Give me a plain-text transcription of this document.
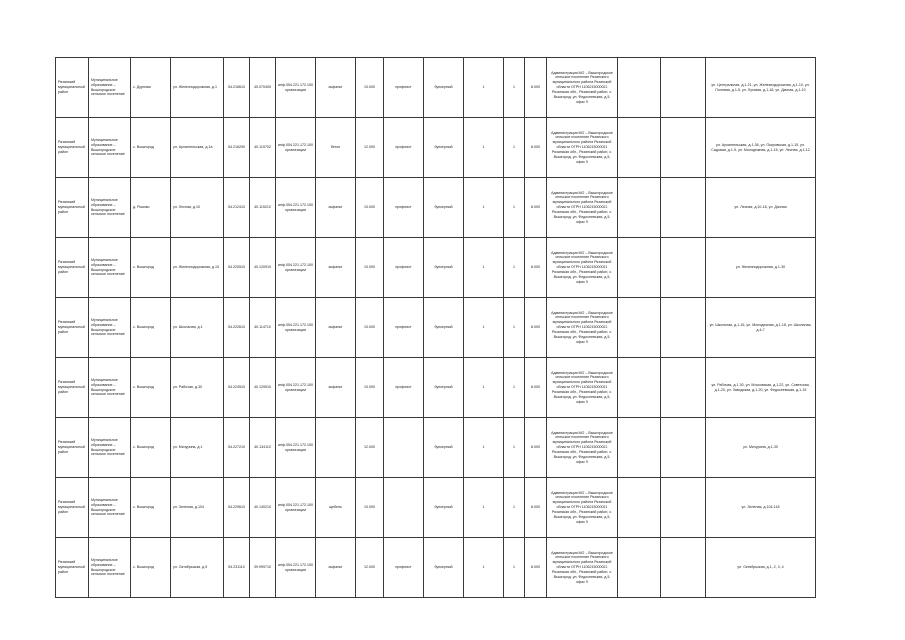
Рязанский муниципальный район	Муниципальное образование – Вышгородское сельское поселение	с. Дурново	ул. Железнодорожная, д.1	54.216610	40.070405	инф.054.221.172.100 организации	асфальт	10.000	профлист	бункерный	1	1	8.000	Администрация МО – Вышгородское сельское поселение Рязанского муниципального района Рязанской области ОГРН 1106215000021 Рязанская обл., Рязанский район, с. Вышгород, ул. Федосеевская, д.5, офис 9			ул. Центральная, д.1-21, ул. Железнодорожная, д.1-10, ул. Полевая, д.1-5, ул. Луговая, д.1-18, ул. Дачная, д.1-10
Рязанский муниципальный район	Муниципальное образование – Вышгородское сельское поселение	с. Вышгород	ул. Архангельская, д.1а	54.216290	40.119702	инф.054.221.172.100 организации	бетон	12.000	профлист	бункерный	1	1	8.000	Администрация МО – Вышгородское сельское поселение Рязанского муниципального района Рязанской области ОГРН 1106215000021 Рязанская обл., Рязанский район, с. Вышгород, ул. Федосеевская, д.5, офис 9			ул. Архангельская, д.1-36, ул. Покровская, д.1-15, ул. Садовая, д.1-9, ул. Молодежная, д.1-16, ул. Лесная, д.1-12
Рязанский муниципальный район	Муниципальное образование – Вышгородское сельское поселение	д. Рыково	ул. Лесная, д.10	54.212410	40.115210	инф.054.221.172.100 организации	асфальт	10.000	профлист	бункерный	1	1	8.000	Администрация МО – Вышгородское сельское поселение Рязанского муниципального района Рязанской области ОГРН 1106215000021 Рязанская обл., Рязанский район, с. Вышгород, ул. Федосеевская, д.5, офис 9			ул. Лесная, д.10-18, ул. Дачная
Рязанский муниципальный район	Муниципальное образование – Вышгородское сельское поселение	с. Вышгород	ул. Железнодорожная, д.15	54.220510	40.120910	инф.054.221.172.100 организации	асфальт	10.000	профлист	бункерный	1	1	8.000	Администрация МО – Вышгородское сельское поселение Рязанского муниципального района Рязанской области ОГРН 1106215000021 Рязанская обл., Рязанский район, с. Вышгород, ул. Федосеевская, д.5, офис 9			ул. Железнодорожная, д.1-30
Рязанский муниципальный район	Муниципальное образование – Вышгородское сельское поселение	с. Вышгород	ул. Школьная, д.1	54.222610	40.114710	инф.054.221.172.100 организации	асфальт	10.000	профлист	бункерный	1	1	8.000	Администрация МО – Вышгородское сельское поселение Рязанского муниципального района Рязанской области ОГРН 1106215000021 Рязанская обл., Рязанский район, с. Вышгород, ул. Федосеевская, д.5, офис 9			ул. Школьная, д.1-15, ул. Молодежная, д.1-18, ул. Школьная, д.4-7
Рязанский муниципальный район	Муниципальное образование – Вышгородское сельское поселение	с. Вышгород	ул. Рабочая, д.30	54.224510	40.129510	инф.054.221.172.100 организации	асфальт	10.000	профлист	бункерный	1	1	8.000	Администрация МО – Вышгородское сельское поселение Рязанского муниципального района Рязанской области ОГРН 1106215000021 Рязанская обл., Рязанский район, с. Вышгород, ул. Федосеевская, д.5, офис 9			ул. Рабочая, д.1-30, ул. Московская, д.1-22, ул. Советская, д.1-20, ул. Заводская, д.1-20, ул. Федосеевская, д.1-15
Рязанский муниципальный район	Муниципальное образование – Вышгородское сельское поселение	с. Вышгород	ул. Мичурина, д.1	54.227210	40.134110	инф.054.221.172.100 организации		12.000		бункерный	1	1	8.000	Администрация МО – Вышгородское сельское поселение Рязанского муниципального района Рязанской области ОГРН 1106215000021 Рязанская обл., Рязанский район, с. Вышгород, ул. Федосеевская, д.5, офис 9			ул. Мичурина, д.1-30
Рязанский муниципальный район	Муниципальное образование – Вышгородское сельское поселение	с. Вышгород	ул. Зеленая, д.104	54.229610	40.140210	инф.054.221.172.100 организации	щебень	10.000		бункерный	1	1	8.000	Администрация МО – Вышгородское сельское поселение Рязанского муниципального района Рязанской области ОГРН 1106215000021 Рязанская обл., Рязанский район, с. Вышгород, ул. Федосеевская, д.5, офис 9			ул. Зеленая, д.104-118
Рязанский муниципальный район	Муниципальное образование – Вышгородское сельское поселение	с. Вышгород	ул. Октябрьская, д.5	54.231110	39.999710	инф.054.221.172.100 организации	асфальт	12.000	профлист	бункерный	1	1	8.000	Администрация МО – Вышгородское сельское поселение Рязанского муниципального района Рязанской области ОГРН 1106215000021 Рязанская обл., Рязанский район, с. Вышгород, ул. Федосеевская, д.5, офис 9			ул. Октябрьская, д.1, 2, 3, 4
